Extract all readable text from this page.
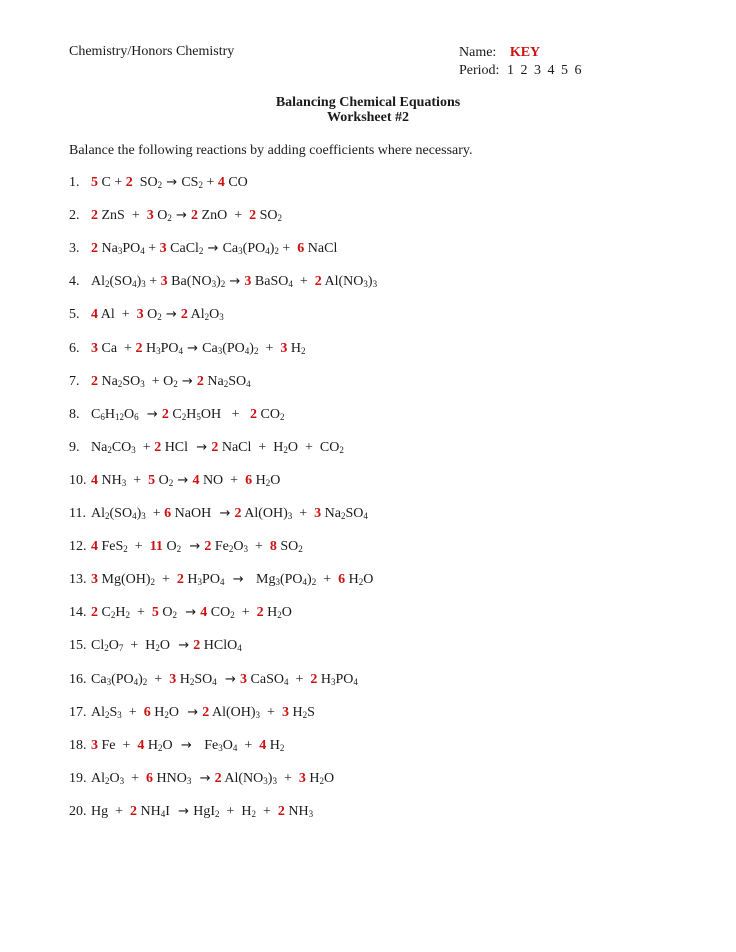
Chemistry/Honors Chemistry	Name: KEY
Period: 1 2 3 4 5 6
Balancing Chemical Equations
Worksheet #2
Balance the following reactions by adding coefficients where necessary.
1. 5 C + 2  $SO_2 \to CS_2 + 4$ CO
2. 2 ZnS  +  3 $O_2 \to 2$ ZnO  +  2 $SO_2$
3. 2 $Na_3PO_4 + 3$ CaCl$_2$ → $Ca_3(PO_4)_2 + 6$ NaCl
4. $Al_2(SO_4)_3 + 3$ $Ba(NO_3)_2 \to 3$ BaSO$_4$  +  2 $Al(NO_3)_3$
5. 4 Al  +  3 $O_2 \to 2$ $Al_2O_3$
6. 3 Ca  + 2 $H_3PO_4 \to Ca_3(PO_4)_2 + 3$ $H_2$
7. 2 $Na_2SO_3 + O_2 \to 2$ $Na_2SO_4$
8. $C_6H_{12}O_6 \to 2$ $C_2H_5OH + 2$ $CO_2$
9. $Na_2CO_3 + 2$ HCl  → 2 NaCl  +  $H_2O + CO_2$
10. 4 $NH_3 + 5$ $O_2 \to 4$ NO  +  6 $H_2O$
11. $Al_2(SO_4)_3 + 6$ NaOH  → 2 $Al(OH)_3 + 3$ $Na_2SO_4$
12. 4 FeS$_2$  +  11 $O_2 \to 2$ $Fe_2O_3 + 8$ $SO_2$
13. 3 $Mg(OH)_2 + 2$ $H_3PO_4 \to Mg_3(PO_4)_2 + 6$ $H_2O$
14. 2 $C_2H_2 + 5$ $O_2 \to 4$ $CO_2 + 2$ $H_2O$
15. $Cl_2O_7 + H_2O \to 2$ HClO$_4$
16. $Ca_3(PO_4)_2 + 3$ $H_2SO_4 \to 3$ CaSO$_4$  +  2 $H_3PO_4$
17. $Al_2S_3 + 6$ $H_2O \to 2$ $Al(OH)_3 + 3$ $H_2S$
18. 3 Fe  +  4 $H_2O \to Fe_3O_4 + 4$ $H_2$
19. $Al_2O_3 + 6$ $HNO_3 \to 2$ $Al(NO_3)_3 + 3$ $H_2O$
20. Hg  +  2 $NH_4I \to HgI_2 + H_2 + 2$ $NH_3$
